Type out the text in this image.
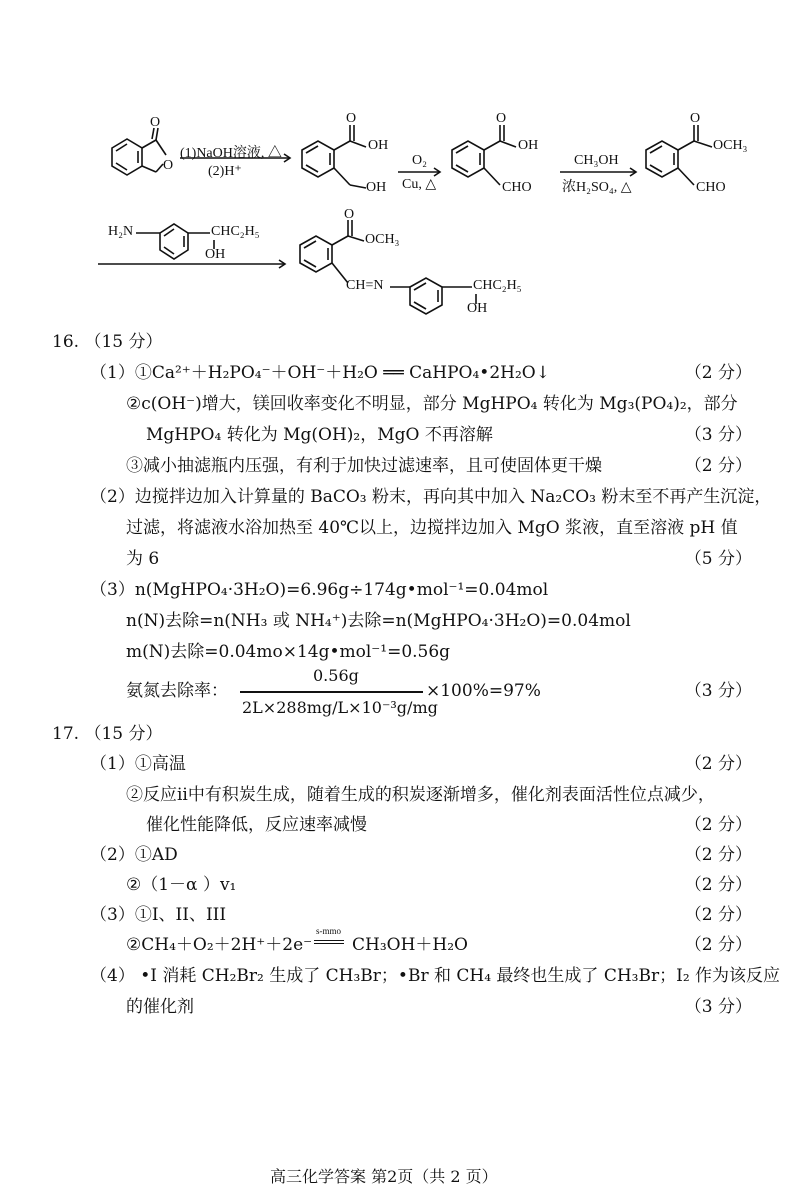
O
O
(1)NaOH溶液, △
(2)H⁺
O
OH
OH
O₂
Cu, △
O
OH
CHO
CH₃OH
浓H₂SO₄, △
O
OCH₃
CHO
H₂N	CHC₂H₅
OH
O
OCH₃
CH=N	CHC₂H₅
OH
16. （15 分）
（1）①Ca²⁺＋H₂PO₄⁻＋OH⁻＋H₂O ══ CaHPO₄•2H₂O↓	（2 分）
②c(OH⁻)增大，镁回收率变化不明显，部分 MgHPO₄ 转化为 Mg₃(PO₄)₂，部分
MgHPO₄ 转化为 Mg(OH)₂，MgO 不再溶解	（3 分）
③减小抽滤瓶内压强，有利于加快过滤速率，且可使固体更干燥	（2 分）
（2）边搅拌边加入计算量的 BaCO₃ 粉末，再向其中加入 Na₂CO₃ 粉末至不再产生沉淀，
过滤，将滤液水浴加热至 40℃以上，边搅拌边加入 MgO 浆液，直至溶液 pH 值
为 6	（5 分）
（3）n(MgHPO₄·3H₂O)=6.96g÷174g•mol⁻¹=0.04mol
n(N)去除=n(NH₃ 或 NH₄⁺)去除=n(MgHPO₄·3H₂O)=0.04mol
m(N)去除=0.04mo×14g•mol⁻¹=0.56g
氨氮去除率：
0.56g
2L×288mg/L×10⁻³g/mg
×100%=97%	（3 分）
17. （15 分）
（1）①高温	（2 分）
②反应ii中有积炭生成，随着生成的积炭逐渐增多，催化剂表面活性位点减少，
催化性能降低，反应速率减慢	（2 分）
（2）①AD	（2 分）
②（1－α ）v₁	（2 分）
（3）①I、II、III	（2 分）
②CH₄＋O₂＋2H⁺＋2e⁻
s-mmo
CH₃OH＋H₂O	（2 分）
（4） •I 消耗 CH₂Br₂ 生成了 CH₃Br；•Br 和 CH₄ 最终也生成了 CH₃Br；I₂ 作为该反应
的催化剂	（3 分）
高三化学答案 第2页（共 2 页）
